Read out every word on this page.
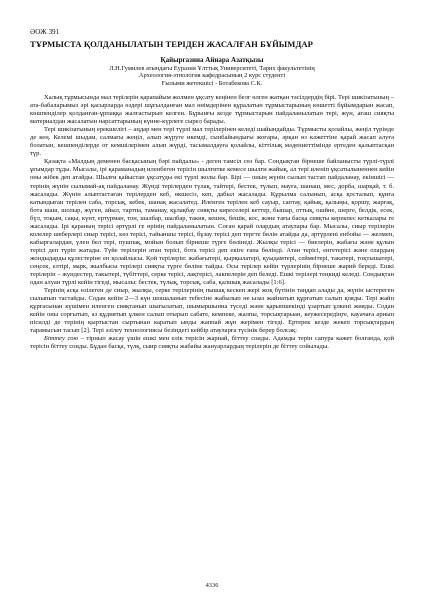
ӘОЖ 391
ТҰРМЫСТА ҚОЛДАНЫЛАТЫН ТЕРІДЕН ЖАСАЛҒАН БҰЙЫМДАР
Қайыргазина Айнара Азатқызы
Л.Н.Гумилев атындағы Еуразия Ұлттық Университеті, Тарих факультетінің
Археология-этнология кафедрасының 2 курс студенті
Ғылыми жетекшісі - Ботабекова С.К.

Халық тұрмысында мал терілерін қарапайым жолмен ұқсату кеңінен белг өлген жатқан тәсілдердің бірі. Тері шикізатының – ата-бабаларымыз әрі қасырларда өздері шұғылданған мал өнімдерінен құралатын тұрмыстарының көшетті бұйымдарын жасап, көшпенділер қолданған-ұрпаққа жалғастырып келген. Бұрынғы кезде тұрмыстарын пайдаланылатын тері, жүн, ағаш сияқты материалдан жасалатын нарсаттарының күнне-күрлеге сырел барады.

Тері шикізатының ерекшелігі – аңдар мен тері түрлі мал терілерінен келеді шайындайды. Тұрмысты қолайлы, жеңіл түрінде де кең. Келемі шыдам, салмағы жеңіл, алып жүруге икемді, сынбайындығы жоғары, әрқан өз кәжеттіне қарай жасап алуға болатын, кешпенділерде от кемшілерімен алып жүрді, тасымалдауға қолайлы, кіттілық мәдениеттімінде ертеден қалыптасқан түр.

Қазақта «Малдың деменен басқасының бәрі пайдалы» - деген тамсіл сөз бар. Сондықтан бірнеше байланысты түрлі-түрлі ұғымдар тұды. Мысалы, ірі қараманадың иленбеген терісін шылғитке кемесе шылғи жайық, ал тері иленіп ұқсатылыненнен кейін оны жібек деп атайды. Шылғи қайыстан ұқсатуды екі түрлі жолы бар. Бірі — оның жүнін сылып тастап пайдаланау, екіншісі — терінің жүнін сылымай-ақ пайдаланау. Жүнді терілерден түлақ, тайтері, бестек, түлып, мауға, шанаш, мес, дорба, шарқай, т. б. жасалады. Жүнін алыптастаған терілерден кеб, өкшесіз, кеп, дабыл жасалады. Құрылма салынып, асқа қосталып, құнға катындыған терілен саба, торсық, кебек, шанақ жасалатед. Иленген терілен кеб сауыр, саптау, қайық, қалыңы, қоршу, жарғақ, бота шаш, шолыр, жүген, айыл, тартпа, таманау, құлақбау сияқты киреселері кеттер, бышар, оттық, ошйне, шерге, белдік, есек, бүл, тоқым, сақы, күнт, ертурман, тон, шалбар, шалбар, такия, кешек, бешік, кос, және тағы басқа сияқты керекпес кеткалары ге жасалады. Ірі қараның терісі әртүрлі ге өрінің пайдаланылатын. Соған қарай олардың атаулары бар. Мысалы, сиыр терілерін колелер шеберлері сиыр терісі, көз терісі, тайыншы терісі, бұзау терісі деп тергте бөлін атайды да, әртүрлені енбойы — желмен, кабыргалардан, үлен бел тері, пушпақ, мойын болып бірнеше түрге бөлінеді. Жылқы терісі — биелерін, жабағы және құлын терісі деп түріп жатады. Түйе терілерін атан терісі, бота терісі деп екіге ғана бөлінді. Атан терісі, енгетерісі және олардың жондыдарды құлестеріне ен қолайлысы. Қой терілерін: жабағытері, қырқылатері, қуыдамтері, сеймеітері, такатері, тоқтышатері, сеңсек, елтірі, марк, жылбысы терілері сияқты түрге бөліне тайды. Осы терілер кейін түрлерінің бірнеше жарий береді. Ешкі терілерін – жундестер, такытері, түбіттері, серке терісі, лақтерісі, лакпелерін деп беледі. Ешкі терілері теңкиді келеді. Сондықтан одан алуан түрлі кейін тігеді, мысалы: бестек, түлық, торсық, саба, қалшық жасалады [1:6].

Терінің асқа өзілеген де сиыр, жылқы, серке терілерінің пышақ кескен жері жоқ бүтінін таңдап алады да, жүнін ыстереген сылыпып тастайды. Содан кейін 2—3 күн шошаланып тебесіне жабылып не ызаз жайнатып құрғатып салып қояды. Тері жайп құрғасынан күшімен иленген сияқтанып шығылатып, шымыршынна түседі және қарыпшекінді ұзартып ұлкені жияды. Содан кейін оны сорғытып, аз құдиятып ұлкен салып отырып сабате, кемпеке, жалпы, торсықтарыан, кеужесередіңге, кауачаға ариып пісилді де терінің қыртыстан сыртынан каратып ынды жаппай жұн жерімен тігеді. Ертерек кезде жекеп торсықтардың тарамысын тасып [2]. Тері әзілеу технологиясы безіндегі кейбір атауларға түсінік берер болсақ:

Біттеу сою – тірнып жасау үшін ешкі мен елік терісін жарнай, біттеу соиды. Адамды терін сапура кажет болғанда, қой терісін біттеу соиды. Бұдан басқа, түлқ, сыир сияқты жабайы жануарлардың терілерін де біттеу сойылады.

4336
